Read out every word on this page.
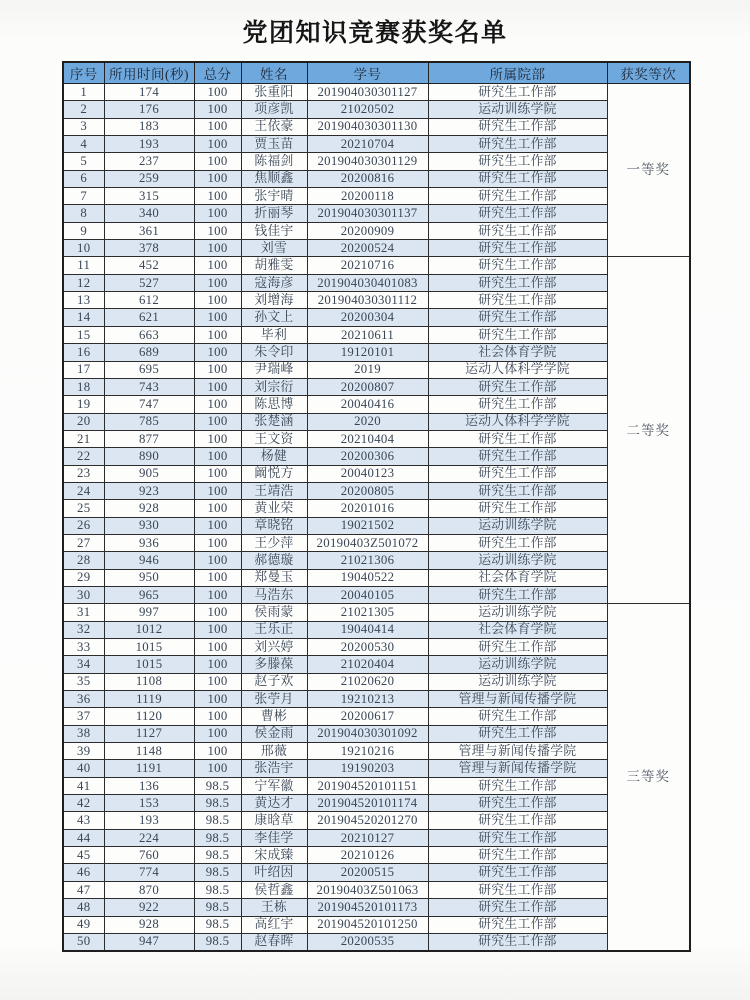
党团知识竞赛获奖名单
序号	所用时间(秒)	总分	姓名	学号	所属院部	获奖等次
1	174	100	张重阳	201904030301127	研究生工作部	一等奖
2	176	100	项彦凯	21020502	运动训练学院	
3	183	100	王依豪	201904030301130	研究生工作部	
4	193	100	贾玉苗	20210704	研究生工作部	
5	237	100	陈福剑	201904030301129	研究生工作部	
6	259	100	焦顺鑫	20200816	研究生工作部	
7	315	100	张宇晴	20200118	研究生工作部	
8	340	100	折丽琴	201904030301137	研究生工作部	
9	361	100	钱佳宇	20200909	研究生工作部	
10	378	100	刘雪	20200524	研究生工作部	
11	452	100	胡雅雯	20210716	研究生工作部	二等奖
12	527	100	寇海彦	201904030401083	研究生工作部	
13	612	100	刘增海	201904030301112	研究生工作部	
14	621	100	孙文上	20200304	研究生工作部	
15	663	100	毕利	20210611	研究生工作部	
16	689	100	朱令印	19120101	社会体育学院	
17	695	100	尹瑞峰	2019	运动人体科学学院	
18	743	100	刘宗衍	20200807	研究生工作部	
19	747	100	陈思博	20040416	研究生工作部	
20	785	100	张楚涵	2020	运动人体科学学院	
21	877	100	王文资	20210404	研究生工作部	
22	890	100	杨健	20200306	研究生工作部	
23	905	100	阚悦方	20040123	研究生工作部	
24	923	100	王靖浩	20200805	研究生工作部	
25	928	100	黄业荣	20201016	研究生工作部	
26	930	100	章晓铭	19021502	运动训练学院	
27	936	100	王少萍	20190403Z501072	研究生工作部	
28	946	100	郝德璇	21021306	运动训练学院	
29	950	100	郑曼玉	19040522	社会体育学院	
30	965	100	马浩东	20040105	研究生工作部	
31	997	100	侯雨蒙	21021305	运动训练学院	三等奖
32	1012	100	王乐正	19040414	社会体育学院	
33	1015	100	刘兴婷	20200530	研究生工作部	
34	1015	100	多滕葆	21020404	运动训练学院	
35	1108	100	赵子欢	21020620	运动训练学院	
36	1119	100	张苧月	19210213	管理与新闻传播学院	
37	1120	100	曹彬	20200617	研究生工作部	
38	1127	100	侯金雨	201904030301092	研究生工作部	
39	1148	100	邢薇	19210216	管理与新闻传播学院	
40	1191	100	张浩宇	19190203	管理与新闻传播学院	
41	136	98.5	宁军徽	201904520101151	研究生工作部	
42	153	98.5	黄达才	201904520101174	研究生工作部	
43	193	98.5	康晗草	201904520201270	研究生工作部	
44	224	98.5	李佳学	20210127	研究生工作部	
45	760	98.5	宋成臻	20210126	研究生工作部	
46	774	98.5	叶绍因	20200515	研究生工作部	
47	870	98.5	侯哲鑫	20190403Z501063	研究生工作部	
48	922	98.5	王栋	201904520101173	研究生工作部	
49	928	98.5	高红宇	201904520101250	研究生工作部	
50	947	98.5	赵春晖	20200535	研究生工作部	
